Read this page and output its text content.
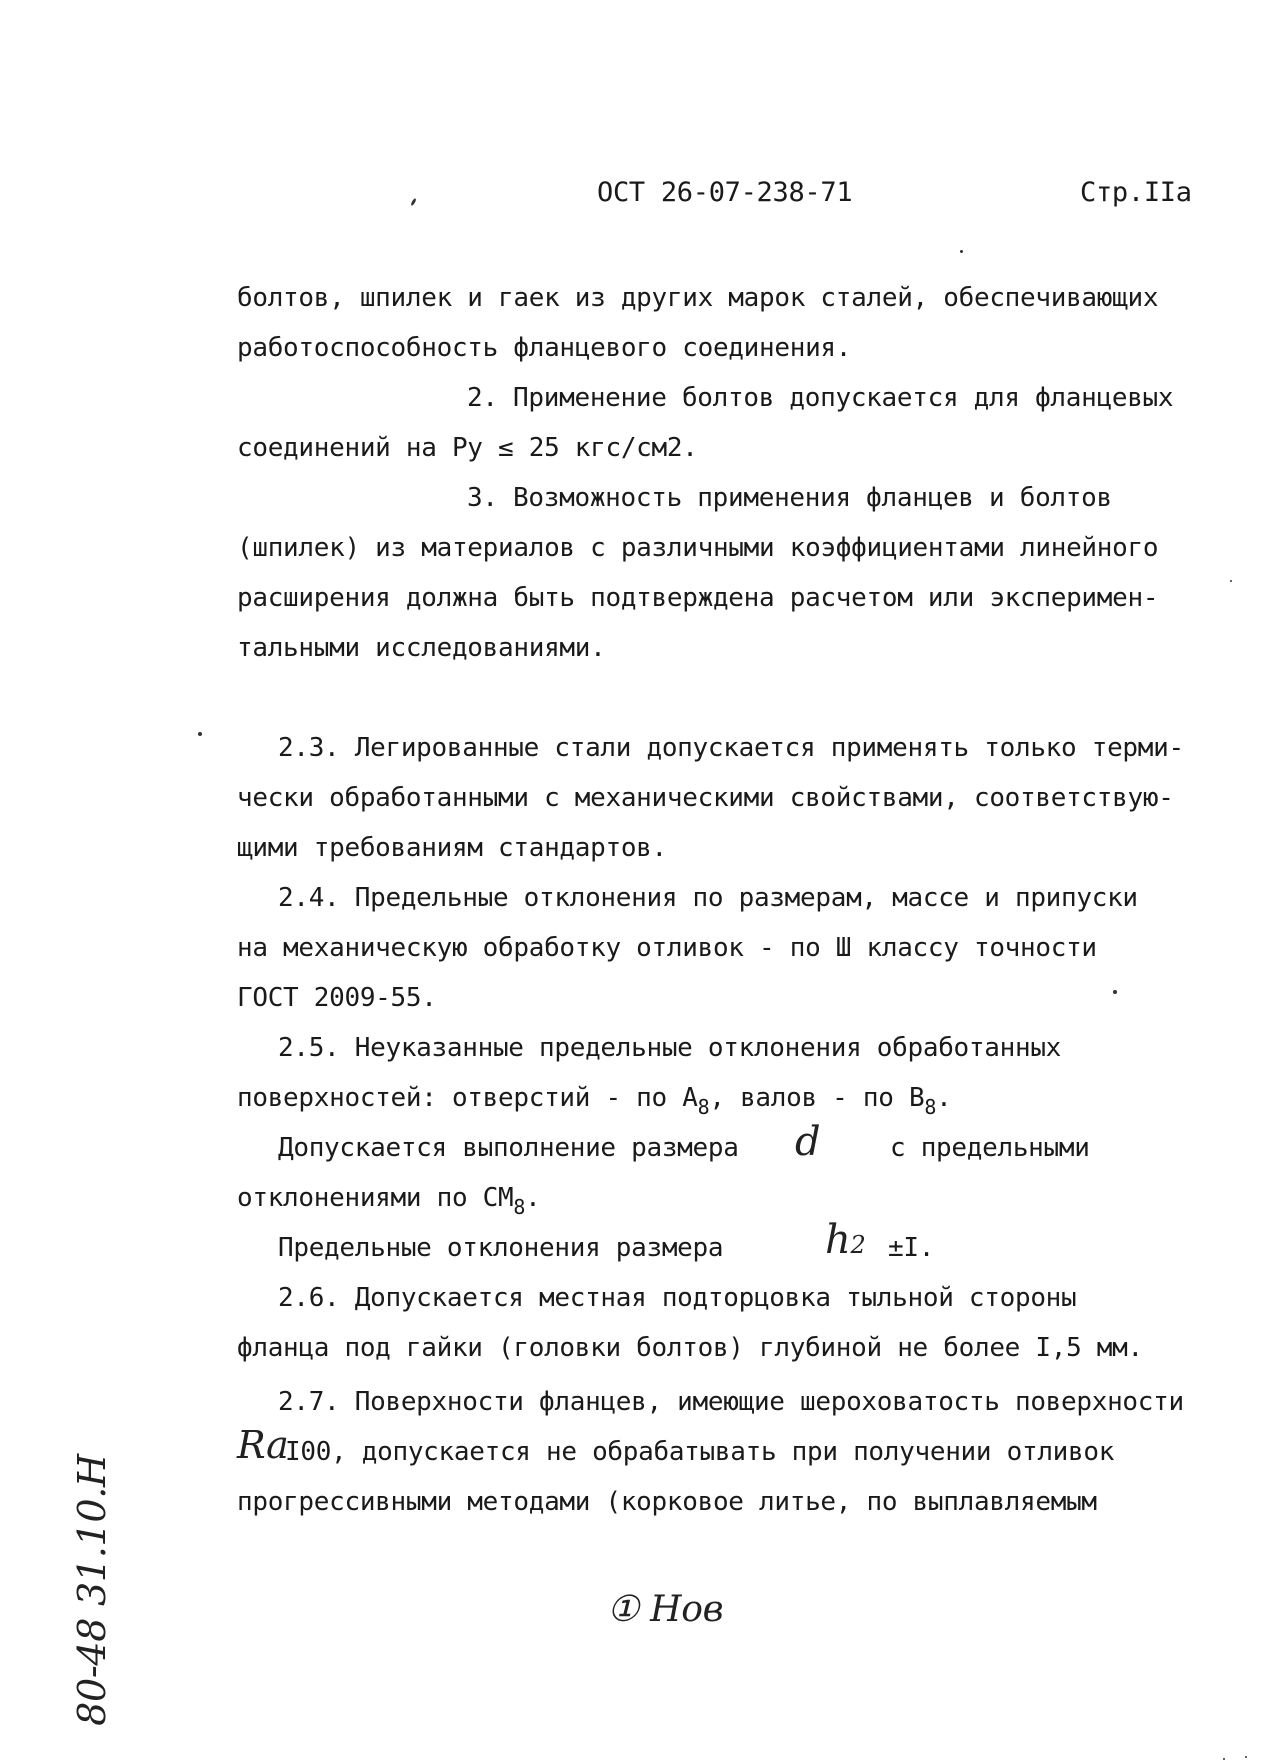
ОСТ 26-07-238-71	Стр.IIа
болтов, шпилек и гаек из других марок сталей, обеспечивающих
работоспособность фланцевого соединения.
2. Применение болтов допускается для фланцевых
соединений на Ру ≤ 25 кгс/см2.
3. Возможность применения фланцев и болтов
(шпилек) из материалов с различными коэффициентами линейного
расширения должна быть подтверждена расчетом или эксперимен-
тальными исследованиями.
2.3. Легированные стали допускается применять только терми-
чески обработанными с механическими свойствами, соответствую-
щими требованиям стандартов.
2.4. Предельные отклонения по размерам, массе и припуски
на механическую обработку отливок - по Ш классу точности
ГОСТ 2009-55.
2.5. Неуказанные предельные отклонения обработанных
поверхностей: отверстий - по $А_8$, валов - по $В_8$.
Допускается выполнение размера d	с предельными
отклонениями по $СМ_8$.
Предельные отклонения размера	h2 ±I.
2.6. Допускается местная подторцовка тыльной стороны
фланца под гайки (головки болтов) глубиной не более I,5 мм.
2.7. Поверхности фланцев, имеющие шероховатость поверхности
Ra
I00, допускается не обрабатывать при получении отливок
прогрессивными методами (корковое литье, по выплавляемым
① Нов
80-48 31.10.Н
